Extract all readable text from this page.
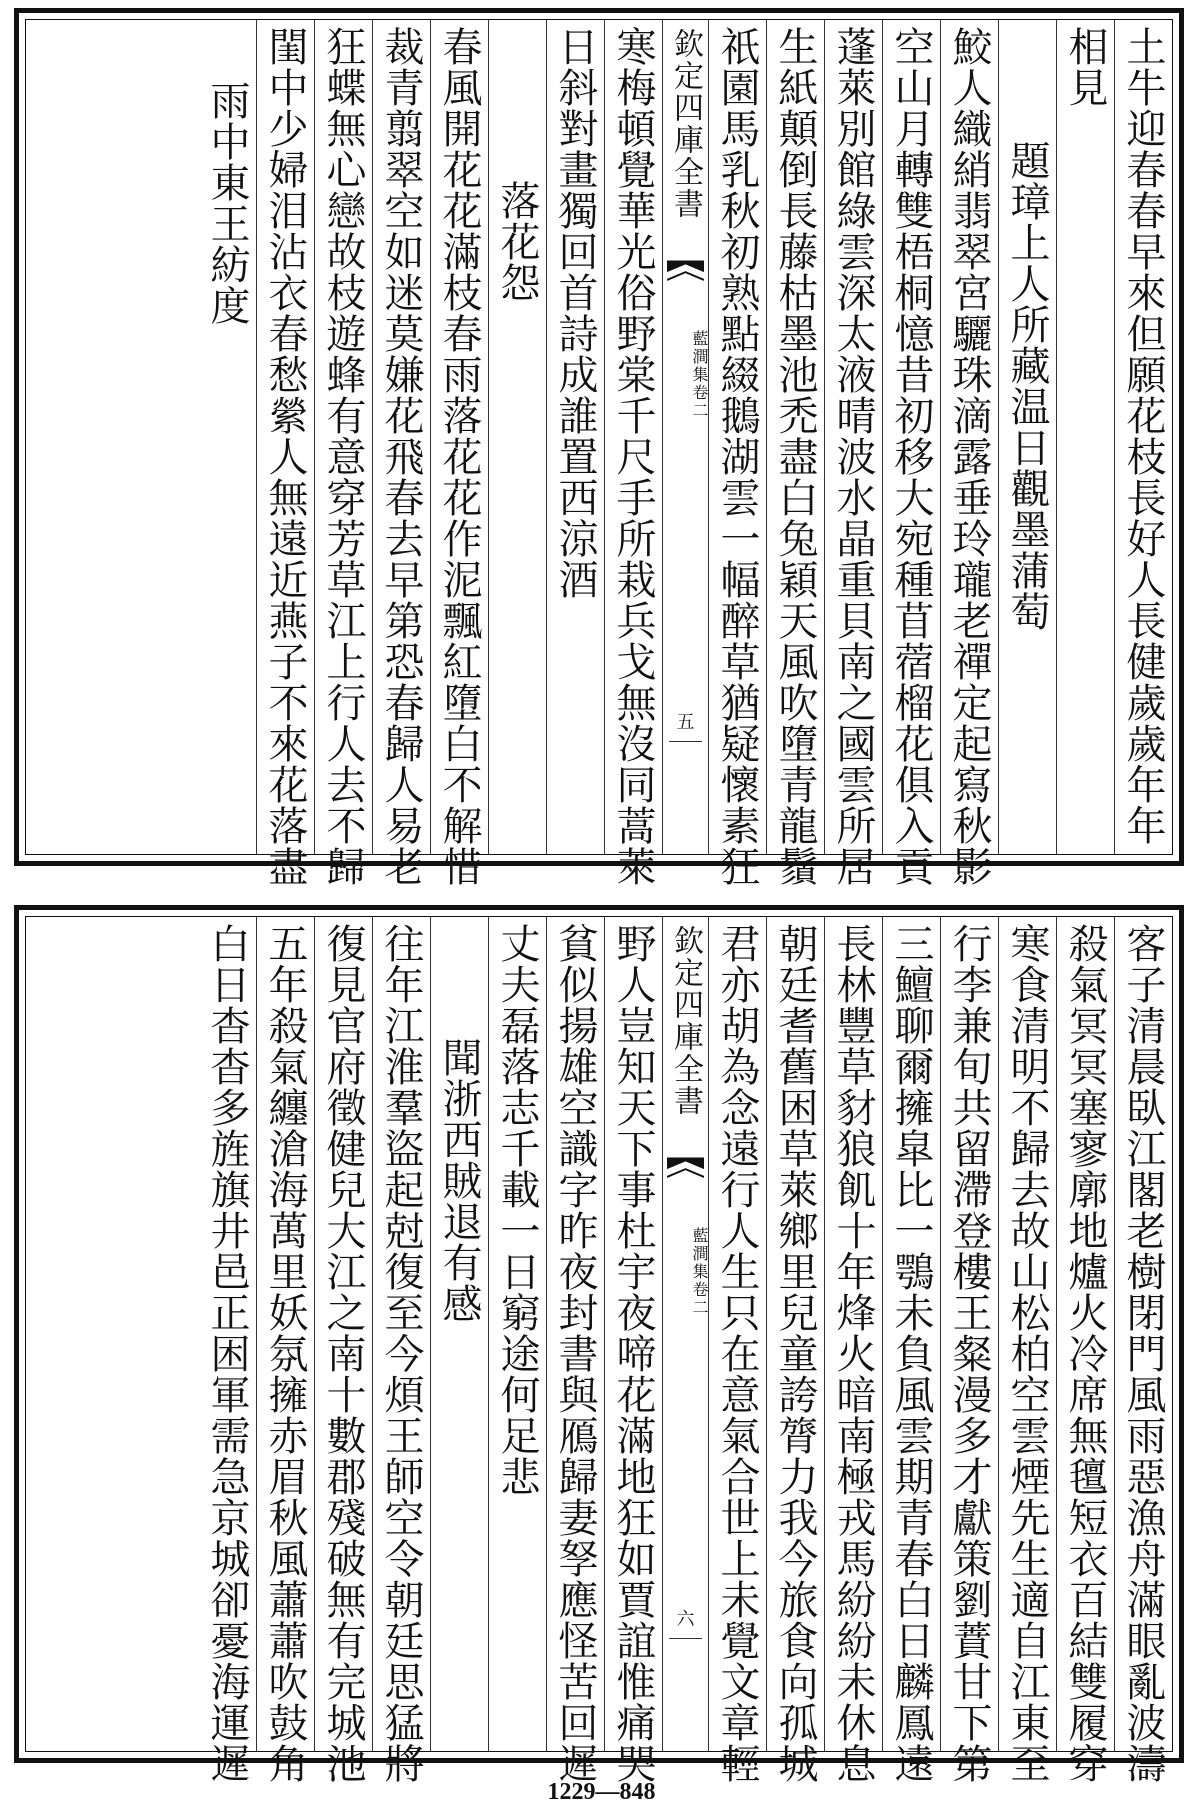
土牛迎春春早來但願花枝長好人長健歲歲年年一
相見
題璋上人所藏温日觀墨蒲萄
鮫人織綃翡翠宮驪珠滴露垂玲瓏老禪定起寫秋影
空山月轉雙梧桐憶昔初移大宛種苜蓿榴花俱入貢
蓬萊別館綠雲深太液晴波水晶重貝南之國雲所居
生紙顛倒長藤枯墨池禿盡白兔穎天風吹墮青龍鬚
祇園馬乳秋初熟點綴鵝湖雲一幅醉草猶疑懷素狂
欽定四庫全書
藍澗集
卷二
五
寒梅頓覺華光俗野棠千尺手所栽兵戈無沒同蒿萊
日斜對畫獨回首詩成誰置西涼酒
落花怨
春風開花花滿枝春雨落花花作泥飄紅墮白不解惜
裁青翦翠空如迷莫嫌花飛春去早第恐春歸人易老
狂蝶無心戀故枝遊蜂有意穿芳草江上行人去不歸
閨中少婦泪沾衣春愁縈人無遠近燕子不來花落盡
雨中東王紡度
客子清晨臥江閣老樹閉門風雨惡漁舟滿眼亂波濤
殺氣冥冥塞寥廓地爐火冷席無氊短衣百結雙履穿
寒食清明不歸去故山松柏空雲煙先生適自江東至
行李兼旬共留滯登樓王粲漫多才獻策劉蕡甘下第
三鱣聊爾擁皐比一鶚未負風雲期青春白日麟鳳遠
長林豐草豺狼飢十年烽火暗南極戎馬紛紛未休息
朝廷耆舊困草萊鄉里兒童誇膂力我今旅食向孤城
君亦胡為念遠行人生只在意氣合世上未覺文章輕
欽定四庫全書
藍澗集
卷二
六
野人豈知天下事杜宇夜啼花滿地狂如賈誼惟痛哭
貧似揚雄空識字昨夜封書與鴈歸妻孥應怪苦回遲
丈夫磊落志千載一日窮途何足悲
聞浙西賊退有感
往年江淮羣盜起尅復至今煩王師空令朝廷思猛將
復見官府徵健兒大江之南十數郡殘破無有完城池
五年殺氣纏滄海萬里妖氛擁赤眉秋風蕭蕭吹鼓角
白日杳杳多旌旗井邑正困軍需急京城卻憂海運遲
1229—848
